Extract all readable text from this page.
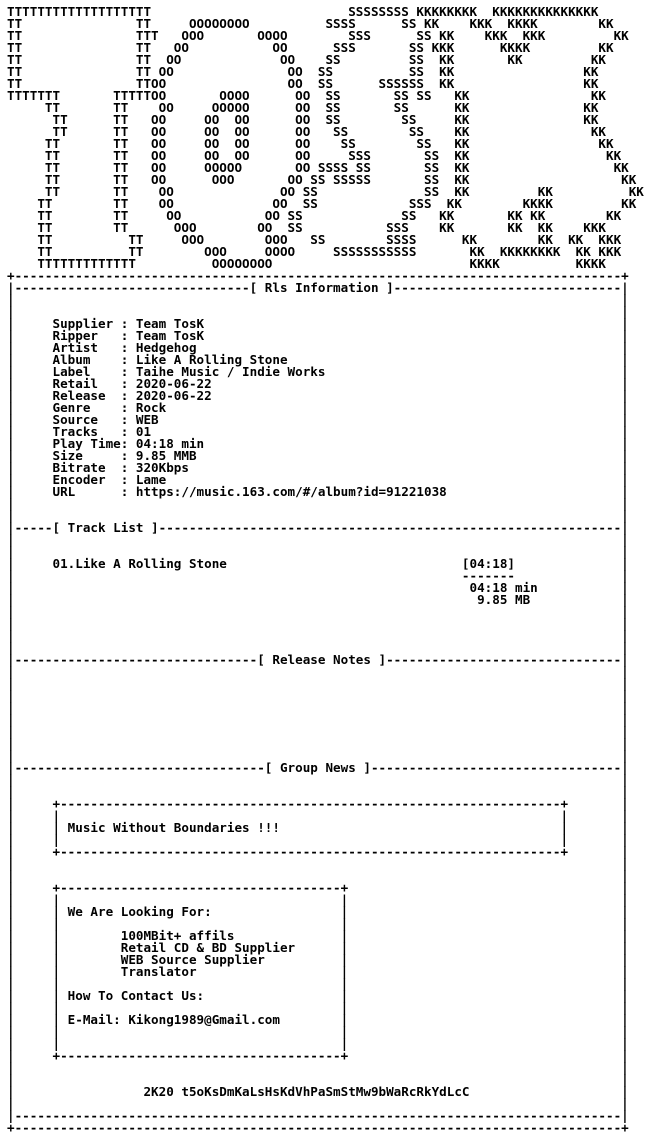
TTTTTTTTTTTTTTTTTTT                          SSSSSSSS KKKKKKKK  KKKKKKKKKKKKKK
TT               TT     OOOOOOOO          SSSS      SS KK    KKK  KKKK        KK
TT               TTT   OOO       OOOO        SSS      SS KK    KKK  KKK         KK
TT               TT   OO           OO      SSS       SS KKK      KKKK         KK
TT               TT  OO             OO    SS         SS  KK       KK         KK
TT               TT OO               OO  SS          SS  KK                 KK
TT               TTOO                OO  SS      SSSSSS  KK                 KK
TTTTTTT       TTTTTOO       OOOO      OO  SS       SS SS   KK                KK
TT       TT    OO     OOOOO      OO  SS       SS      KK               KK
TT      TT   OO     OO  OO      OO  SS        SS     KK               KK
TT      TT   OO     OO  OO      OO   SS        SS    KK                KK
TT       TT   OO     OO  OO      OO    SS        SS   KK                 KK
TT       TT   OO     OO  OO      OO     SSS       SS  KK                  KK
TT       TT   OO     OOOOO       OO SSSS SS       SS  KK                   KK
TT       TT   OO      OOO       OO SS SSSSS       SS  KK                    KK
TT       TT    OO              OO SS              SS  KK         KK          KK
TT        TT    OO             OO  SS            SSS  KK        KKKK         KK
TT        TT     OO           OO SS             SS   KK       KK KK        KK
TT        TT      OOO        OO  SS           SSS    KK       KK  KK    KKK
TT          TT     OOO        OOO   SS        SSSS      KK        KK  KK  KKK
TT          TT        OOO     OOOO     SSSSSSSSSSS       KK  KKKKKKKK  KK KKK
TTTTTTTTTTTTT          OOOOOOOO                          KKKK          KKKK
+--------------------------------------------------------------------------------+
|-------------------------------[ Rls Information ]------------------------------|
|                                                                                |
|                                                                                |
|     Supplier : Team TosK                                                       |
|     Ripper   : Team TosK                                                       |
|     Artist   : Hedgehog                                                        |
|     Album    : Like A Rolling Stone                                            |
|     Label    : Taihe Music / Indie Works                                       |
|     Retail   : 2020-06-22                                                      |
|     Release  : 2020-06-22                                                      |
|     Genre    : Rock                                                            |
|     Source   : WEB                                                             |
|     Tracks   : 01                                                              |
|     Play Time: 04:18 min                                                       |
|     Size     : 9.85 MMB                                                        |
|     Bitrate  : 320Kbps                                                         |
|     Encoder  : Lame                                                            |
|     URL      : https://music.163.com/#/album?id=91221038                       |
|                                                                                |
|                                                                                |
|-----[ Track List ]-------------------------------------------------------------|
|                                                                                |
|                                                                                |
|     01.Like A Rolling Stone                               [04:18]              |
|                                                           -------              |
|                                                            04:18 min           |
|                                                             9.85 MB            |
|                                                                                |
|                                                                                |
|                                                                                |
|                                                                                |
|--------------------------------[ Release Notes ]-------------------------------|
|                                                                                |
|                                                                                |
|                                                                                |
|                                                                                |
|                                                                                |
|                                                                                |
|                                                                                |
|                                                                                |
|---------------------------------[ Group News ]---------------------------------|
|                                                                                |
|                                                                                |
|     +------------------------------------------------------------------+       |
|     |                                                                  |       |
|     | Music Without Boundaries !!!                                     |       |
|     |                                                                  |       |
|     +------------------------------------------------------------------+       |
|                                                                                |
|                                                                                |
|     +-------------------------------------+                                    |
|     |                                     |                                    |
|     | We Are Looking For:                 |                                    |
|     |                                     |                                    |
|     |        100MBit+ affils              |                                    |
|     |        Retail CD & BD Supplier      |                                    |
|     |        WEB Source Supplier          |                                    |
|     |        Translator                   |                                    |
|     |                                     |                                    |
|     | How To Contact Us:                  |                                    |
|     |                                     |                                    |
|     | E-Mail: Kikong1989@Gmail.com        |                                    |
|     |                                     |                                    |
|     |                                     |                                    |
|     +-------------------------------------+                                    |
|                                                                                |
|                                                                                |
|                 2K20 t5oKsDmKaLsHsKdVhPaSmStMw9bWaRcRkYdLcC                    |
|                                                                                |
|--------------------------------------------------------------------------------|
+--------------------------------------------------------------------------------+
